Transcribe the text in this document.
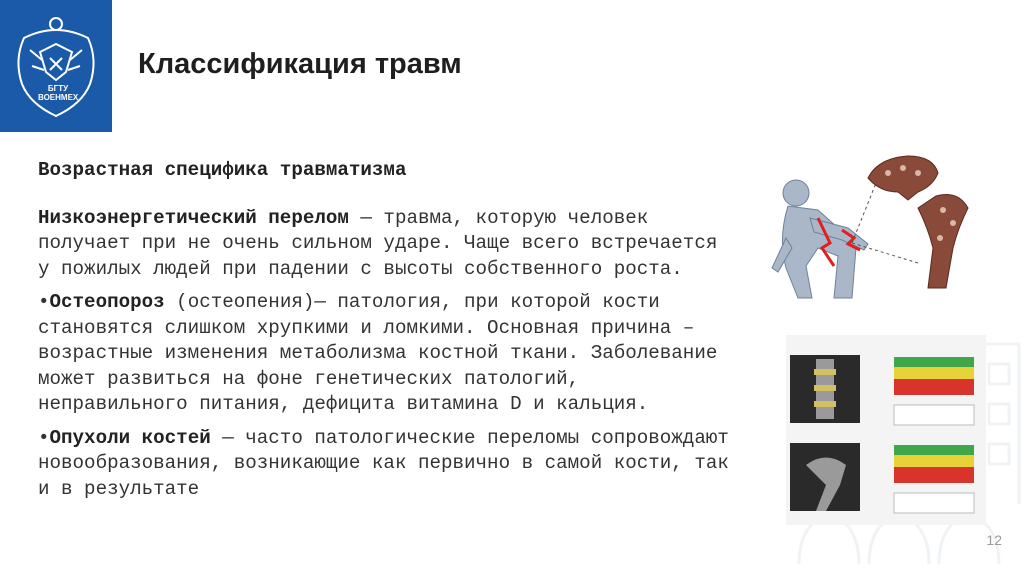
БГТУ ВОЕНМЕХ
Классификация травм

Возрастная специфика травматизма

Низкоэнергетический перелом — травма, которую человек получает при не очень сильном ударе. Чаще всего встречается у пожилых людей при падении с высоты собственного роста.

•Остеопороз (остеопения)— патология, при которой кости становятся слишком хрупкими и ломкими. Основная причина – возрастные изменения метаболизма костной ткани. Заболевание может развиться на фоне генетических патологий, неправильного питания, дефицита витамина D и кальция.

•Опухоли костей — часто патологические переломы сопровождают новообразования, возникающие как первично в самой кости, так и в результате

12
